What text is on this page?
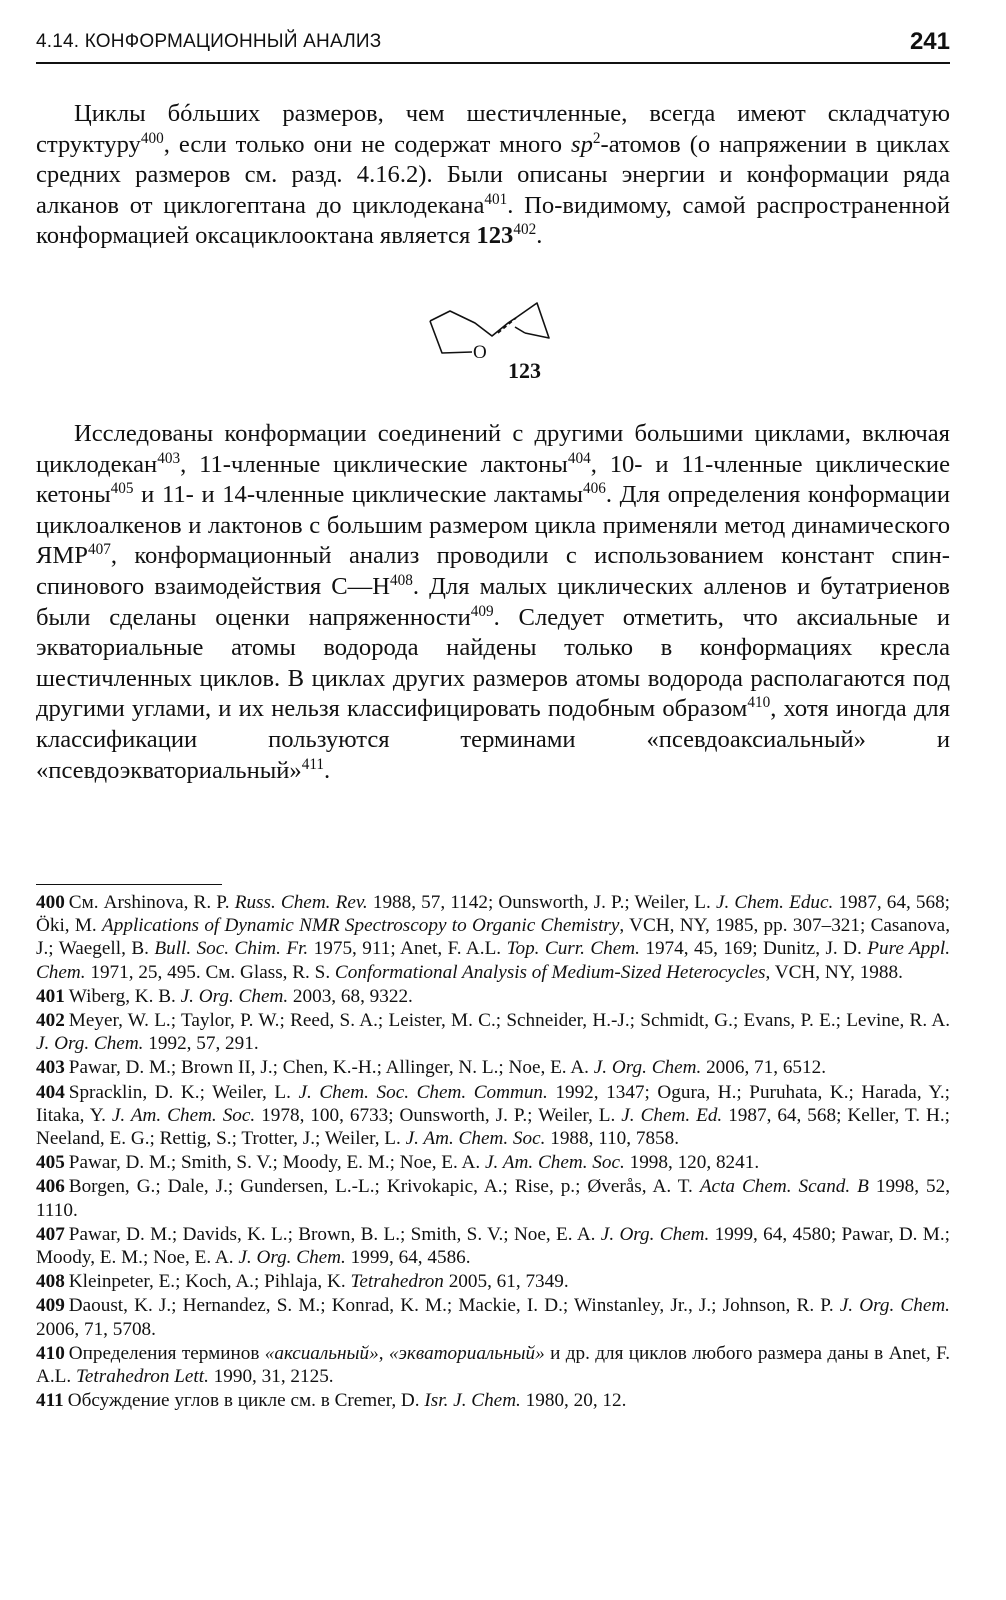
4.14. КОНФОРМАЦИОННЫЙ АНАЛИЗ	241

Циклы бóльших размеров, чем шестичленные, всегда имеют складчатую структуру$^{400}$, если только они не содержат много $sp^2$-атомов (о напряжении в циклах средних размеров см. разд. 4.16.2). Были описаны энергии и конформации ряда алканов от циклогептана до циклодекана$^{401}$. По-видимому, самой распространенной конформацией оксациклооктана является $123^{402}$.

O
123

Исследованы конформации соединений с другими большими циклами, включая циклодекан$^{403}$, 11-членные циклические лактоны$^{404}$, 10- и 11-членные циклические кетоны$^{405}$ и 11- и 14-членные циклические лактамы$^{406}$. Для определения конформации циклоалкенов и лактонов с большим размером цикла применяли метод динамического ЯМР$^{407}$, конформационный анализ проводили с использованием констант спин-спинового взаимодействия $C—H^{408}$. Для малых циклических алленов и бутатриенов были сделаны оценки напряженности$^{409}$. Следует отметить, что аксиальные и экваториальные атомы водорода найдены только в конформациях кресла шестичленных циклов. В циклах других размеров атомы водорода располагаются под другими углами, и их нельзя классифицировать подобным образом$^{410}$, хотя иногда для классификации пользуются терминами «псевдоаксиальный» и «псевдоэкваториальный»$^{411}$.

400 См. Arshinova, R. P. Russ. Chem. Rev. 1988, 57, 1142; Ounsworth, J. P.; Weiler, L. J. Chem. Educ. 1987, 64, 568; Öki, M. Applications of Dynamic NMR Spectroscopy to Organic Chemistry, VCH, NY, 1985, pp. 307–321; Casanova, J.; Waegell, B. Bull. Soc. Chim. Fr. 1975, 911; Anet, F. A.L. Top. Curr. Chem. 1974, 45, 169; Dunitz, J. D. Pure Appl. Chem. 1971, 25, 495. См. Glass, R. S. Conformational Analysis of Medium-Sized Heterocycles, VCH, NY, 1988.

401 Wiberg, K. B. J. Org. Chem. 2003, 68, 9322.

402 Meyer, W. L.; Taylor, P. W.; Reed, S. A.; Leister, M. C.; Schneider, H.-J.; Schmidt, G.; Evans, P. E.; Levine, R. A. J. Org. Chem. 1992, 57, 291.

403 Pawar, D. M.; Brown II, J.; Chen, K.-H.; Allinger, N. L.; Noe, E. A. J. Org. Chem. 2006, 71, 6512.

404 Spracklin, D. K.; Weiler, L. J. Chem. Soc. Chem. Commun. 1992, 1347; Ogura, H.; Puruhata, K.; Harada, Y.; Iitaka, Y. J. Am. Chem. Soc. 1978, 100, 6733; Ounsworth, J. P.; Weiler, L. J. Chem. Ed. 1987, 64, 568; Keller, T. H.; Neeland, E. G.; Rettig, S.; Trotter, J.; Weiler, L. J. Am. Chem. Soc. 1988, 110, 7858.

405 Pawar, D. M.; Smith, S. V.; Moody, E. M.; Noe, E. A. J. Am. Chem. Soc. 1998, 120, 8241.

406 Borgen, G.; Dale, J.; Gundersen, L.-L.; Krivokapic, A.; Rise, p.; Øverås, A. T. Acta Chem. Scand. B 1998, 52, 1110.

407 Pawar, D. M.; Davids, K. L.; Brown, B. L.; Smith, S. V.; Noe, E. A. J. Org. Chem. 1999, 64, 4580; Pawar, D. M.; Moody, E. M.; Noe, E. A. J. Org. Chem. 1999, 64, 4586.

408 Kleinpeter, E.; Koch, A.; Pihlaja, K. Tetrahedron 2005, 61, 7349.

409 Daoust, K. J.; Hernandez, S. M.; Konrad, K. M.; Mackie, I. D.; Winstanley, Jr., J.; Johnson, R. P. J. Org. Chem. 2006, 71, 5708.

410 Определения терминов «аксиальный», «экваториальный» и др. для циклов любого размера даны в Anet, F. A.L. Tetrahedron Lett. 1990, 31, 2125.

411 Обсуждение углов в цикле см. в Cremer, D. Isr. J. Chem. 1980, 20, 12.
